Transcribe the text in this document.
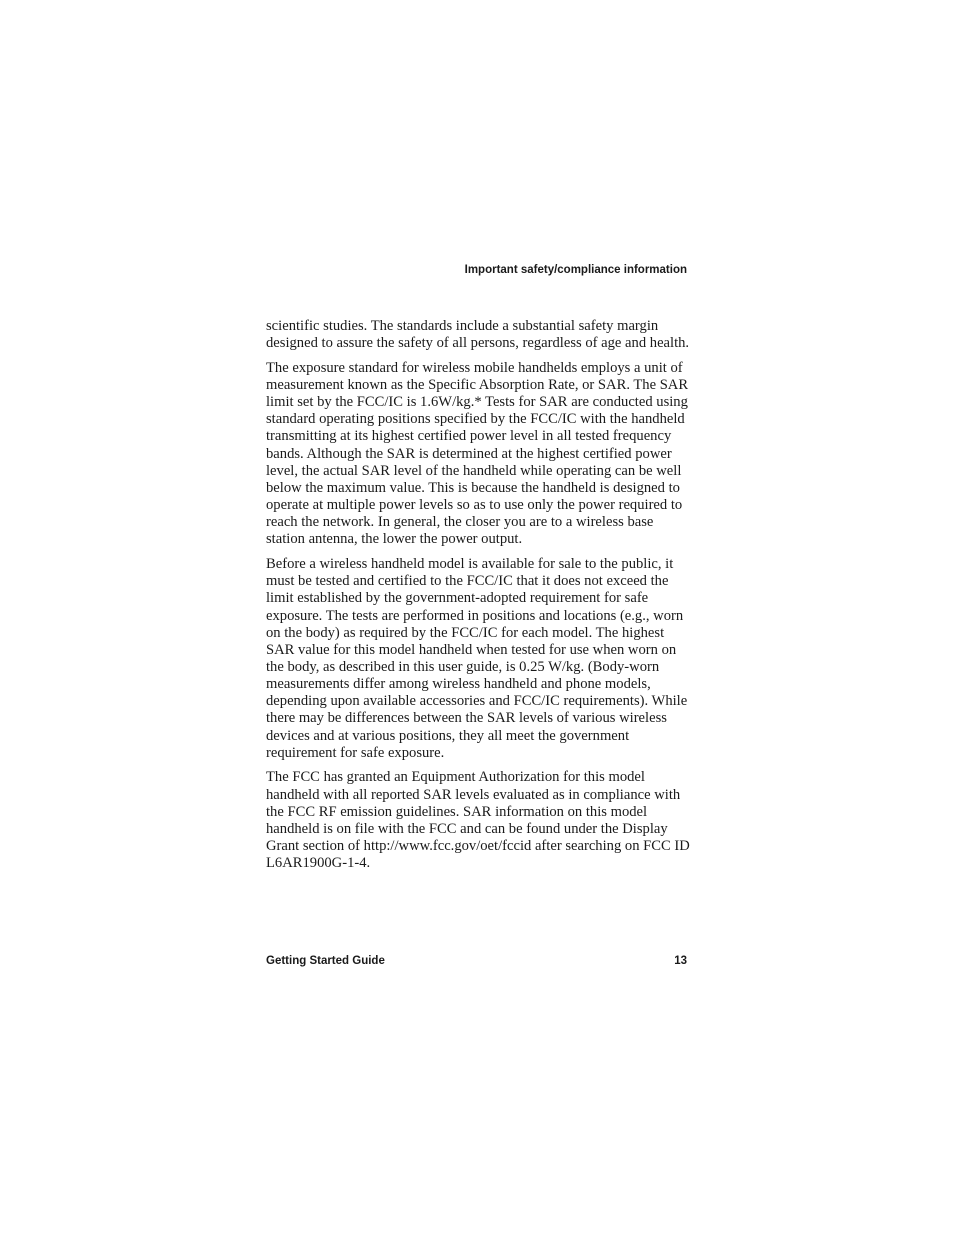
Important safety/compliance information

scientific studies. The standards include a substantial safety margin designed to assure the safety of all persons, regardless of age and health.

The exposure standard for wireless mobile handhelds employs a unit of measurement known as the Specific Absorption Rate, or SAR. The SAR limit set by the FCC/IC is 1.6W/kg.* Tests for SAR are conducted using standard operating positions specified by the FCC/IC with the handheld transmitting at its highest certified power level in all tested frequency bands. Although the SAR is determined at the highest certified power level, the actual SAR level of the handheld while operating can be well below the maximum value. This is because the handheld is designed to operate at multiple power levels so as to use only the power required to reach the network. In general, the closer you are to a wireless base station antenna, the lower the power output.

Before a wireless handheld model is available for sale to the public, it must be tested and certified to the FCC/IC that it does not exceed the limit established by the government-adopted requirement for safe exposure. The tests are performed in positions and locations (e.g., worn on the body) as required by the FCC/IC for each model. The highest SAR value for this model handheld when tested for use when worn on the body, as described in this user guide, is 0.25 W/kg. (Body-worn measurements differ among wireless handheld and phone models, depending upon available accessories and FCC/IC requirements). While there may be differences between the SAR levels of various wireless devices and at various positions, they all meet the government requirement for safe exposure.

The FCC has granted an Equipment Authorization for this model handheld with all reported SAR levels evaluated as in compliance with the FCC RF emission guidelines. SAR information on this model handheld is on file with the FCC and can be found under the Display Grant section of http://www.fcc.gov/oet/fccid after searching on FCC ID L6AR1900G-1-4.

Getting Started Guide	13
